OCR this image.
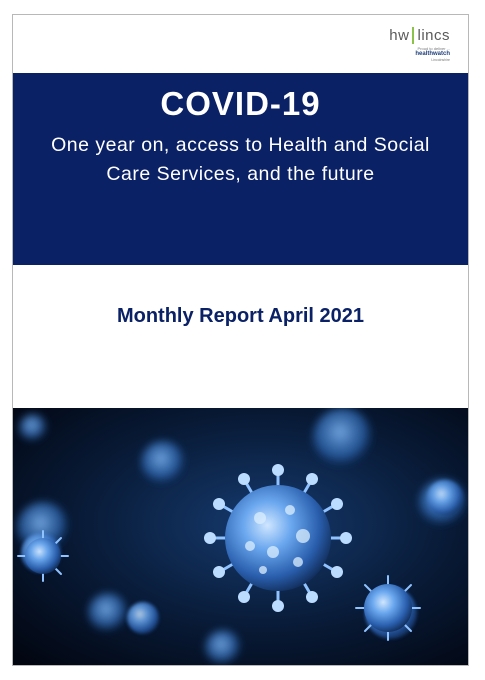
hw lincs
Proud to deliver ...
healthwatch
Lincolnshire
COVID-19
One year on, access to Health and Social Care Services, and the future
Monthly Report April 2021
